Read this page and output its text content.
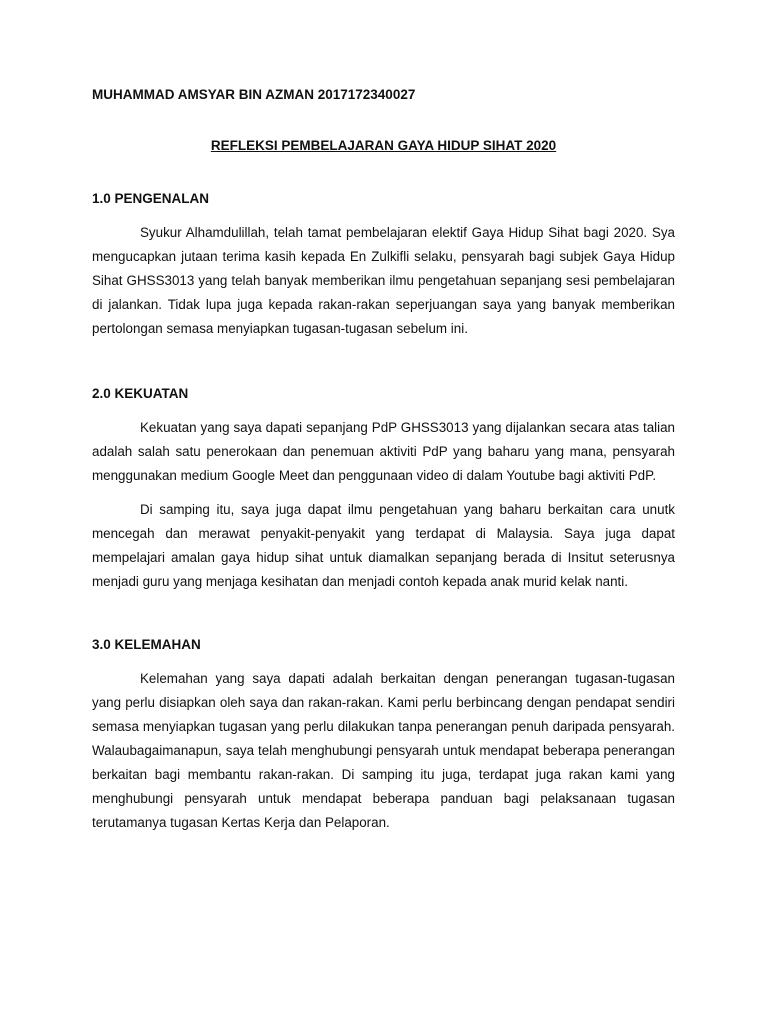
MUHAMMAD AMSYAR BIN AZMAN 2017172340027

REFLEKSI PEMBELAJARAN GAYA HIDUP SIHAT 2020

1.0 PENGENALAN

Syukur Alhamdulillah, telah tamat pembelajaran elektif Gaya Hidup Sihat bagi 2020. Sya mengucapkan jutaan terima kasih kepada En Zulkifli selaku, pensyarah bagi subjek Gaya Hidup Sihat GHSS3013 yang telah banyak memberikan ilmu pengetahuan sepanjang sesi pembelajaran di jalankan. Tidak lupa juga kepada rakan-rakan seperjuangan saya yang banyak memberikan pertolongan semasa menyiapkan tugasan-tugasan sebelum ini.

2.0 KEKUATAN

Kekuatan yang saya dapati sepanjang PdP GHSS3013 yang dijalankan secara atas talian adalah salah satu penerokaan dan penemuan aktiviti PdP yang baharu yang mana, pensyarah menggunakan medium Google Meet dan penggunaan video di dalam Youtube bagi aktiviti PdP.

Di samping itu, saya juga dapat ilmu pengetahuan yang baharu berkaitan cara unutk mencegah dan merawat penyakit-penyakit yang terdapat di Malaysia. Saya juga dapat mempelajari amalan gaya hidup sihat untuk diamalkan sepanjang berada di Insitut seterusnya menjadi guru yang menjaga kesihatan dan menjadi contoh kepada anak murid kelak nanti.

3.0 KELEMAHAN

Kelemahan yang saya dapati adalah berkaitan dengan penerangan tugasan-tugasan yang perlu disiapkan oleh saya dan rakan-rakan. Kami perlu berbincang dengan pendapat sendiri semasa menyiapkan tugasan yang perlu dilakukan tanpa penerangan penuh daripada pensyarah. Walaubagaimanapun, saya telah menghubungi pensyarah untuk mendapat beberapa penerangan berkaitan bagi membantu rakan-rakan. Di samping itu juga, terdapat juga rakan kami yang menghubungi pensyarah untuk mendapat beberapa panduan bagi pelaksanaan tugasan terutamanya tugasan Kertas Kerja dan Pelaporan.
